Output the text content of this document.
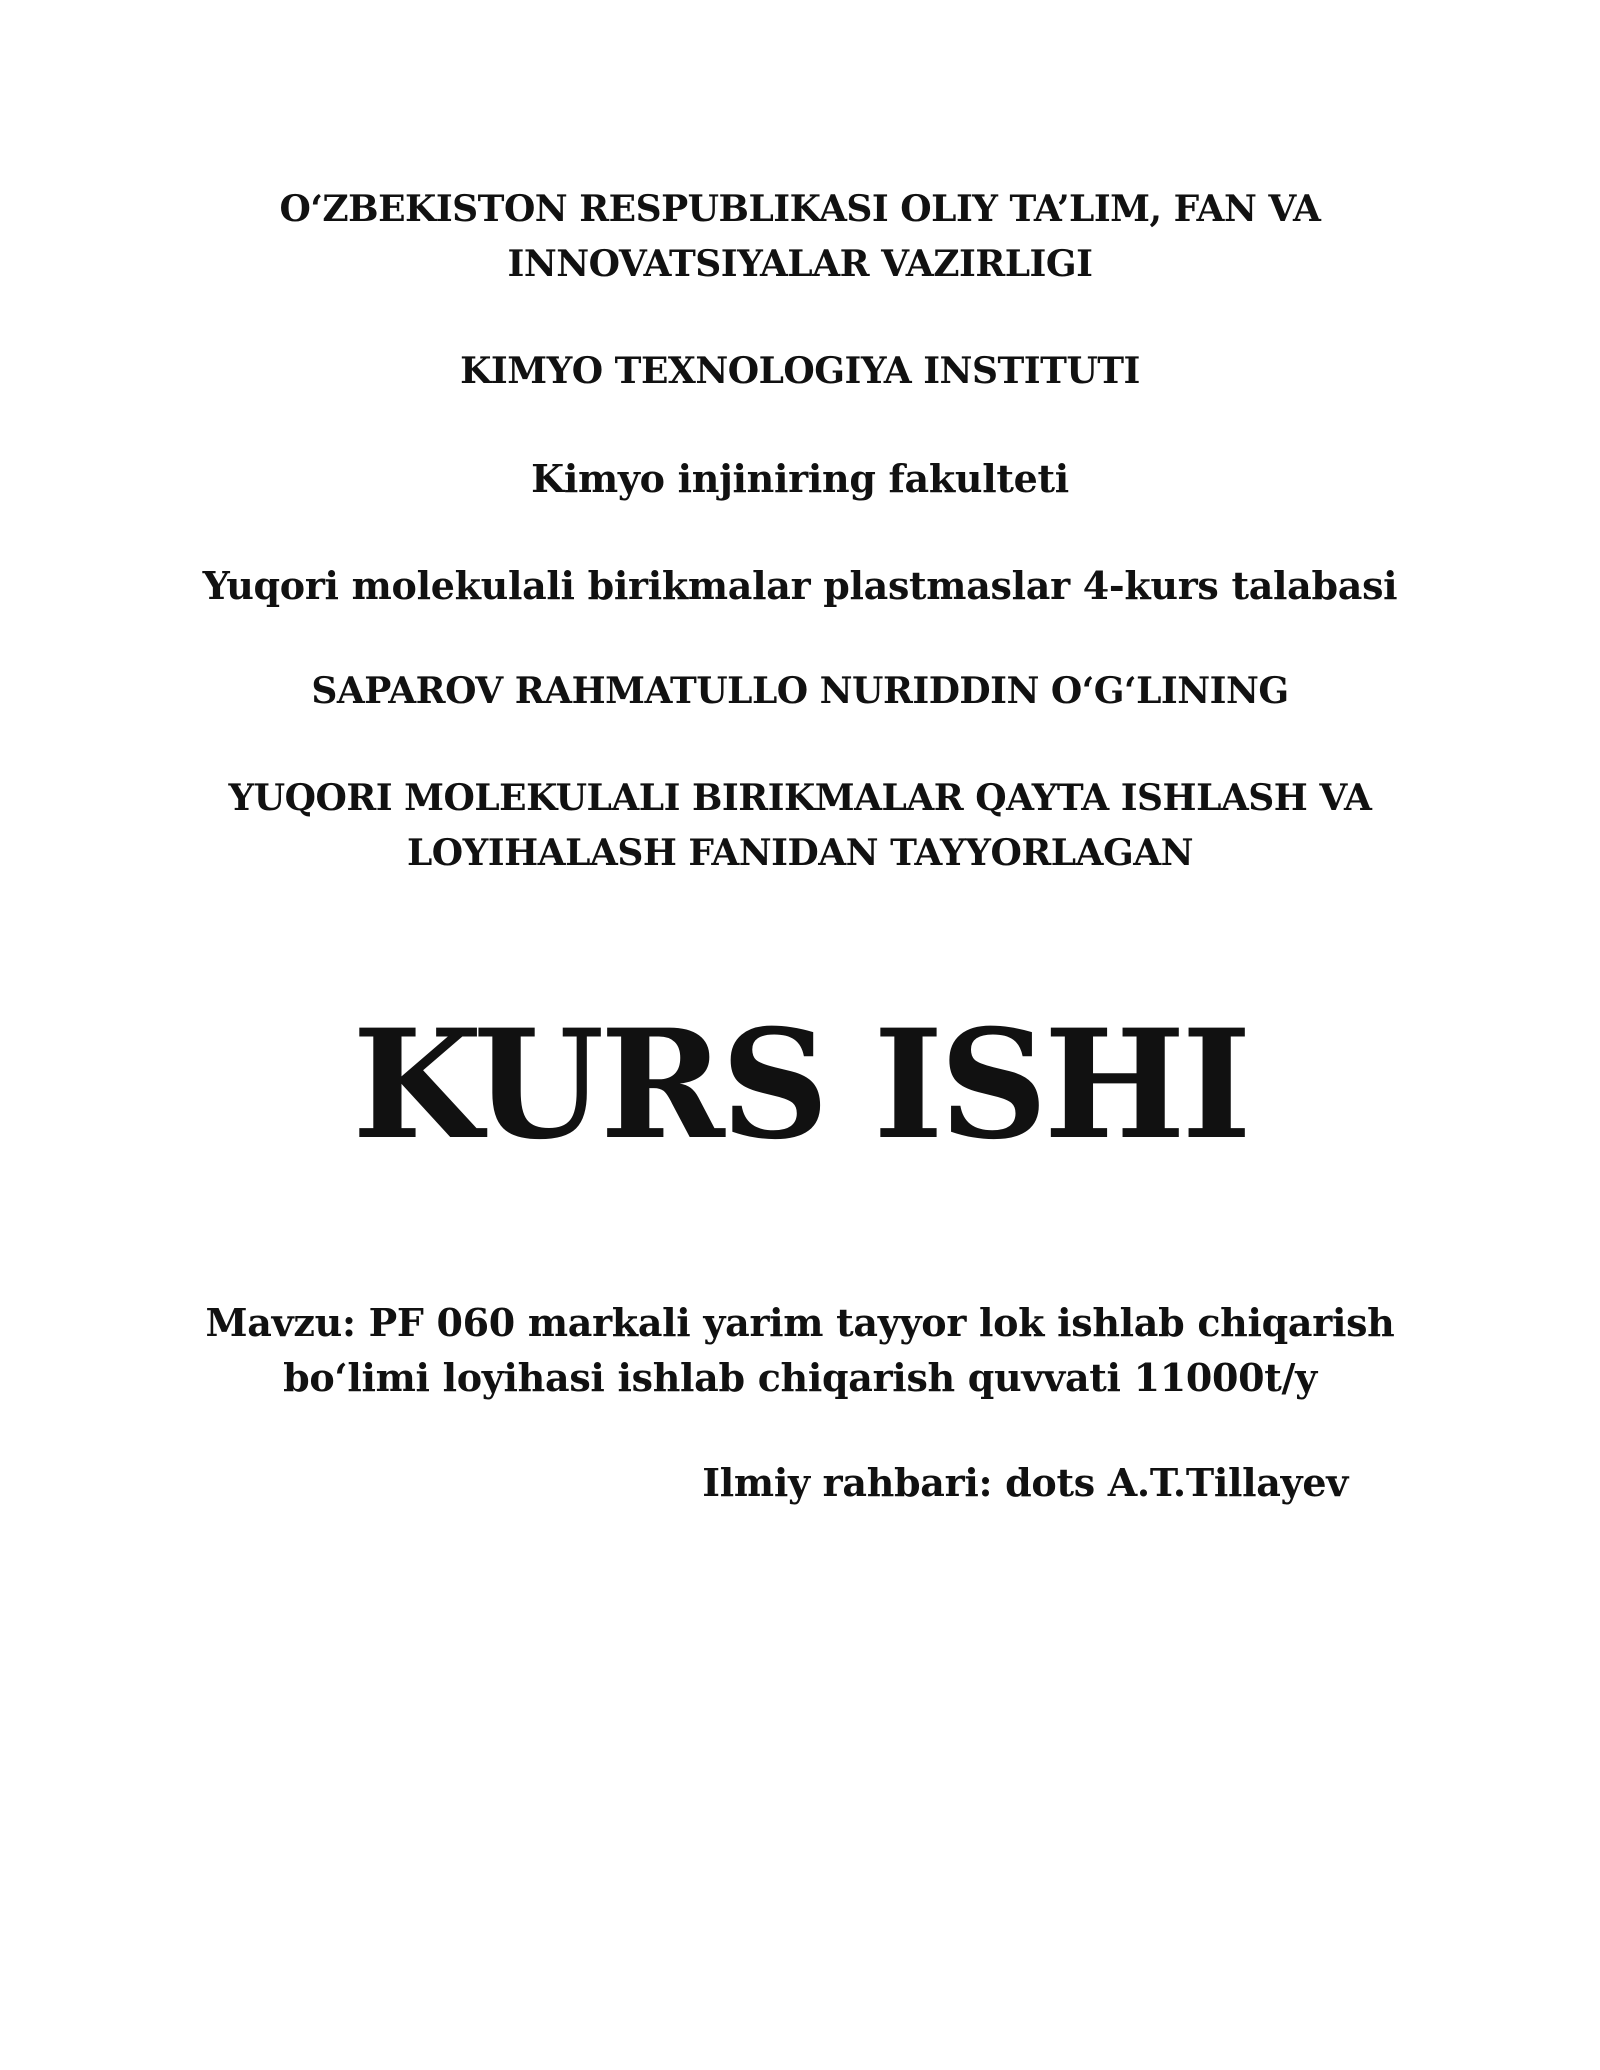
O‘ZBEKISTON RESPUBLIKASI OLIY TA’LIM, FAN VA
INNOVATSIYALAR VAZIRLIGI
KIMYO TEXNOLOGIYA INSTITUTI
Kimyo injiniring fakulteti
Yuqori molekulali birikmalar plastmaslar 4-kurs talabasi
SAPAROV RAHMATULLO NURIDDIN O‘G‘LINING
YUQORI MOLEKULALI BIRIKMALAR QAYTA ISHLASH VA
LOYIHALASH FANIDAN TAYYORLAGAN
KURS ISHI
Mavzu: PF 060 markali yarim tayyor lok ishlab chiqarish
bo‘limi loyihasi ishlab chiqarish quvvati 11000t/y
Ilmiy rahbari: dots A.T.Tillayev
